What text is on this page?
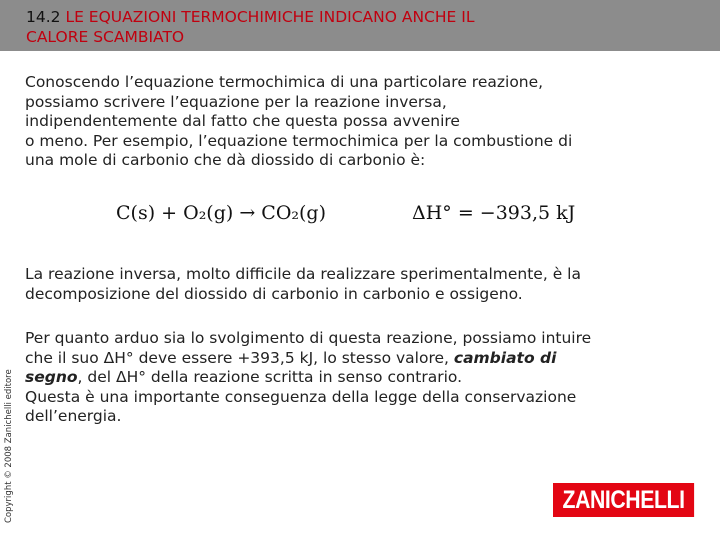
14.2 LE EQUAZIONI TERMOCHIMICHE INDICANO ANCHE IL
CALORE SCAMBIATO
Conoscendo l’equazione termochimica di una particolare reazione,
possiamo scrivere l’equazione per la reazione inversa,
indipendentemente dal fatto che questa possa avvenire
o meno. Per esempio, l’equazione termochimica per la combustione di
una mole di carbonio che dà diossido di carbonio è:
C(s) + O₂(g) → CO₂(g)	ΔH° = −393,5 kJ
La reazione inversa, molto difficile da realizzare sperimentalmente, è la
decomposizione del diossido di carbonio in carbonio e ossigeno.
Per quanto arduo sia lo svolgimento di questa reazione, possiamo intuire
che il suo ΔH° deve essere +393,5 kJ, lo stesso valore, cambiato di
segno, del ΔH° della reazione scritta in senso contrario.
Questa è una importante conseguenza della legge della conservazione
dell’energia.
Copyright © 2008 Zanichelli editore	ZANICHELLI
